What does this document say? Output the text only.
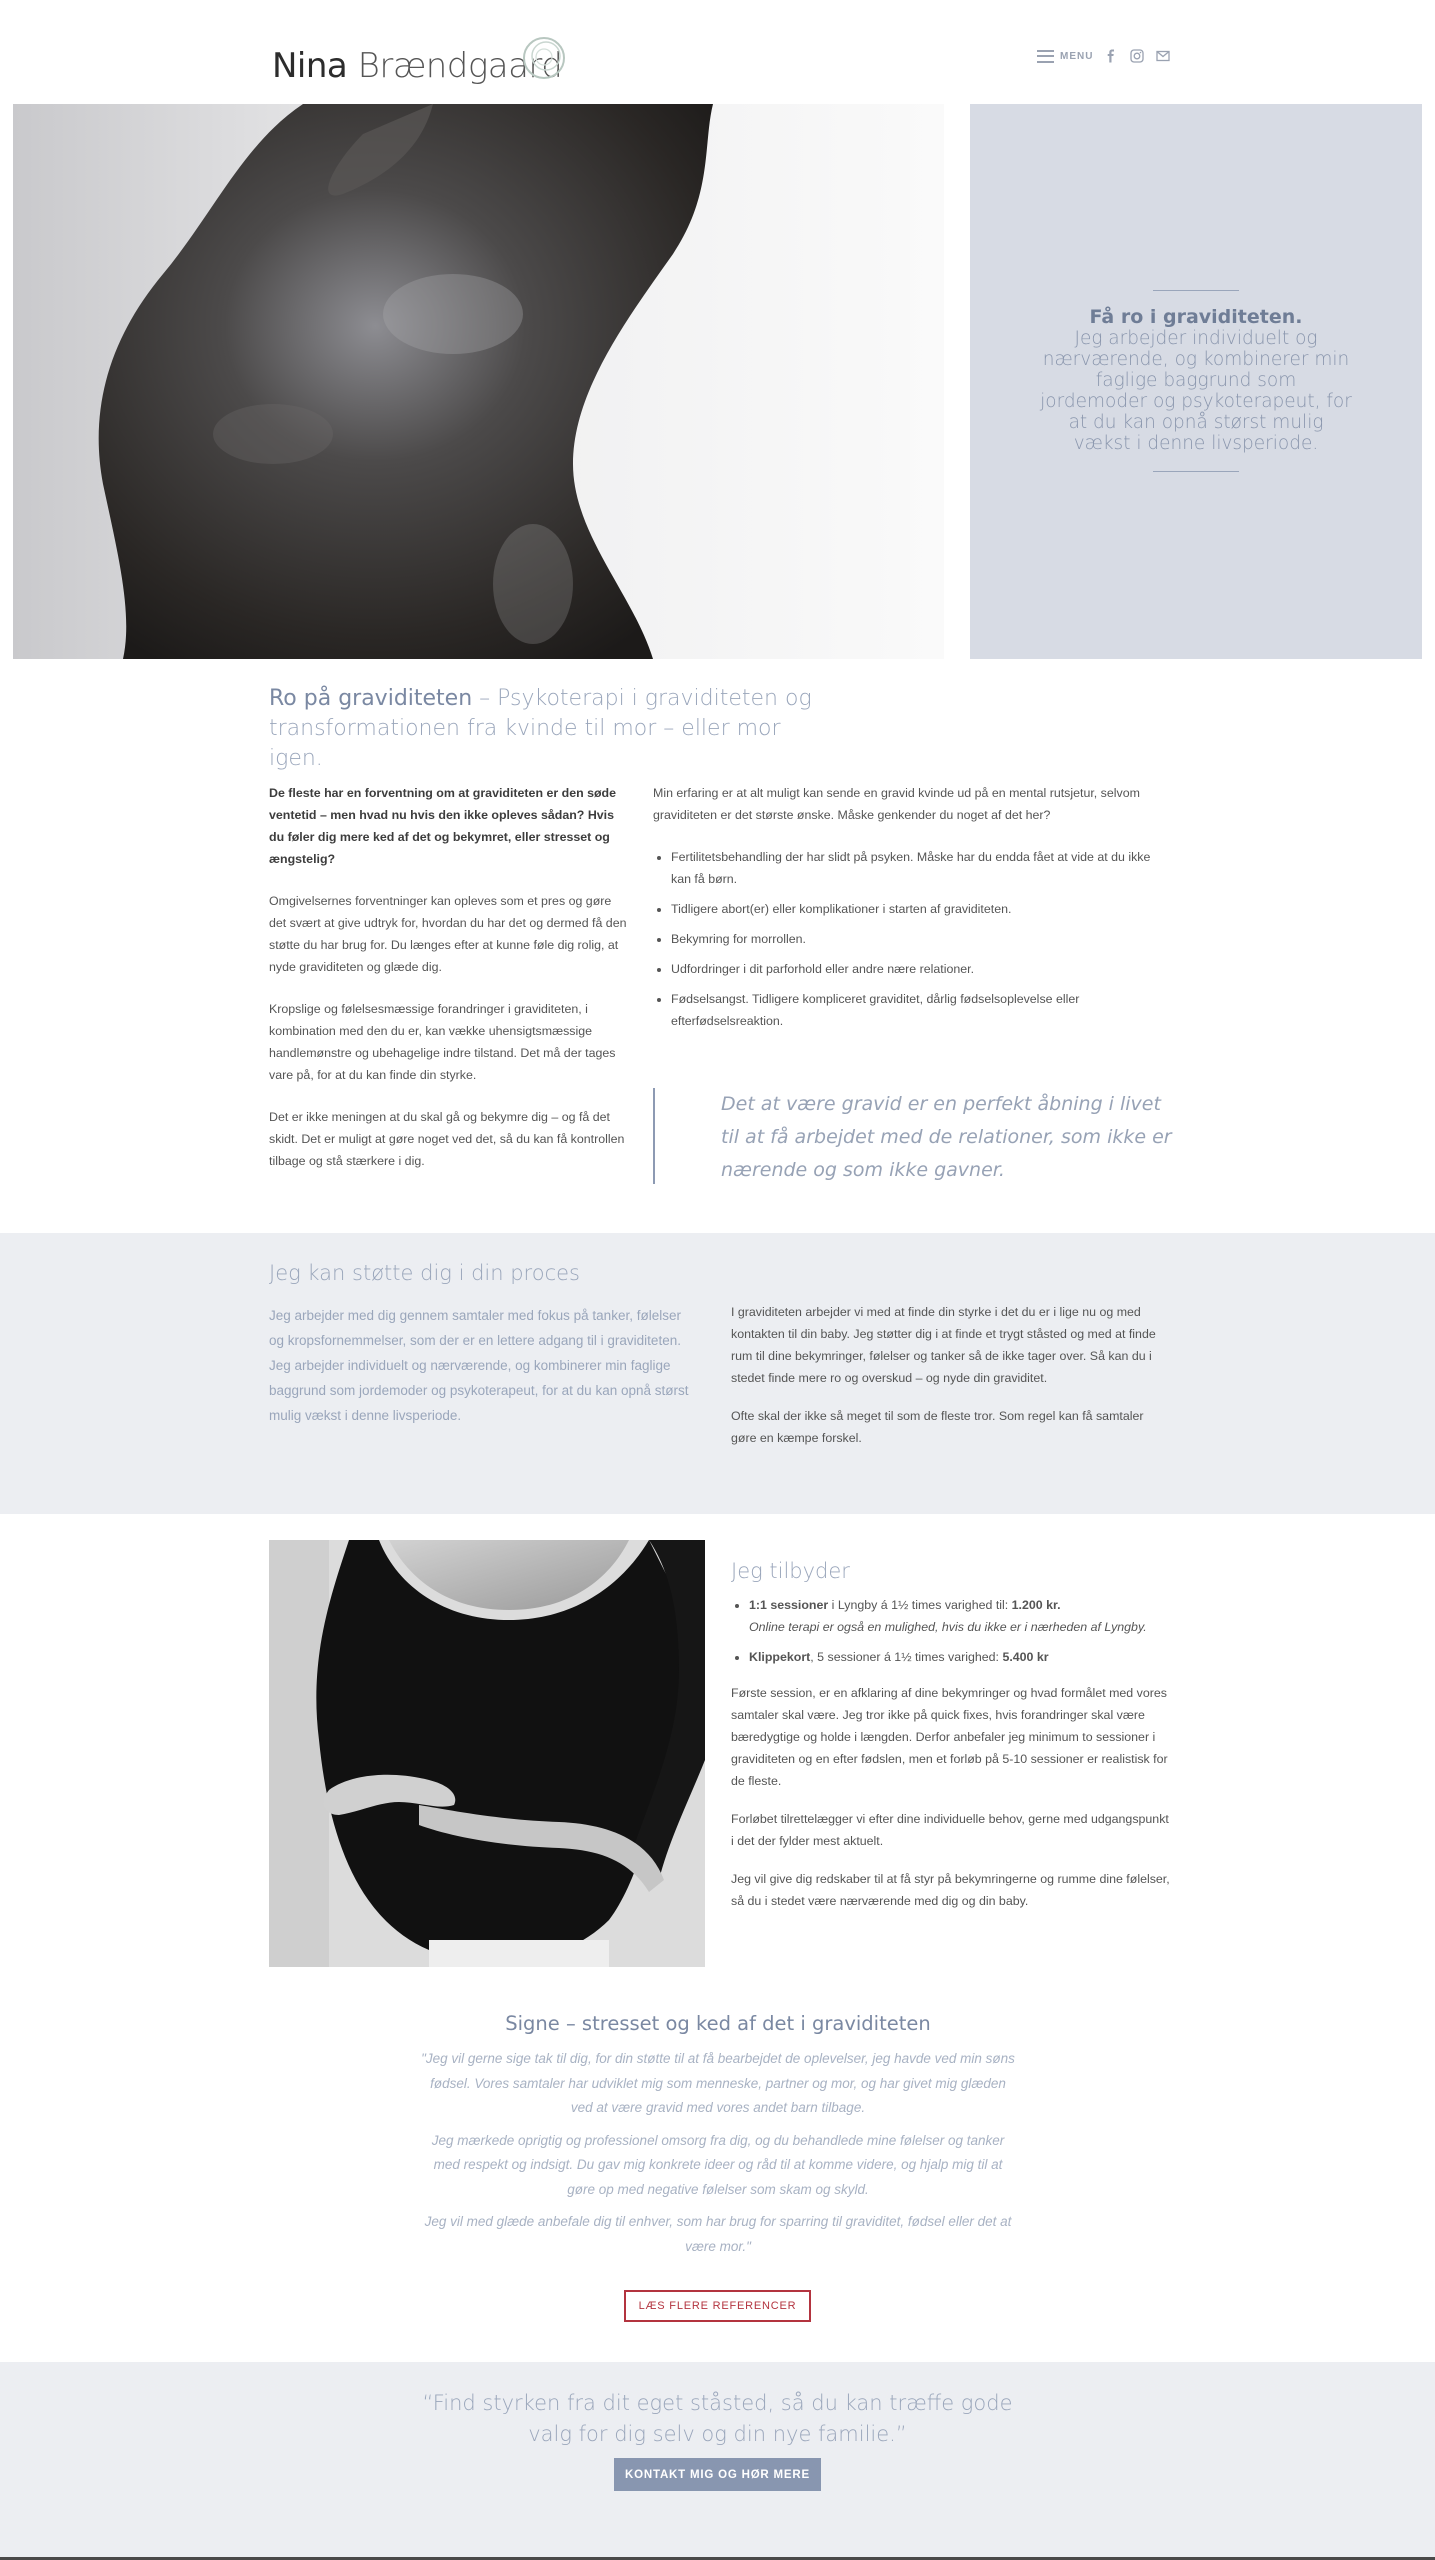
Nina Brændgaard	MENU
Få ro i graviditeten.
Jeg arbejder individuelt og nærværende, og kombinerer min faglige baggrund som jordemoder og psykoterapeut, for at du kan opnå størst mulig vækst i denne livsperiode.
Ro på graviditeten – Psykoterapi i graviditeten og transformationen fra kvinde til mor – eller mor igen.

De fleste har en forventning om at graviditeten er den søde ventetid – men hvad nu hvis den ikke opleves sådan? Hvis du føler dig mere ked af det og bekymret, eller stresset og ængstelig?

Omgivelsernes forventninger kan opleves som et pres og gøre det svært at give udtryk for, hvordan du har det og dermed få den støtte du har brug for. Du længes efter at kunne føle dig rolig, at nyde graviditeten og glæde dig.

Kropslige og følelsesmæssige forandringer i graviditeten, i kombination med den du er, kan vække uhensigtsmæssige handlemønstre og ubehagelige indre tilstand. Det må der tages vare på, for at du kan finde din styrke.

Det er ikke meningen at du skal gå og bekymre dig – og få det skidt. Det er muligt at gøre noget ved det, så du kan få kontrollen tilbage og stå stærkere i dig.

Min erfaring er at alt muligt kan sende en gravid kvinde ud på en mental rutsjetur, selvom graviditeten er det største ønske. Måske genkender du noget af det her?

• Fertilitetsbehandling der har slidt på psyken. Måske har du endda fået at vide at du ikke kan få børn.
• Tidligere abort(er) eller komplikationer i starten af graviditeten.
• Bekymring for morrollen.
• Udfordringer i dit parforhold eller andre nære relationer.
• Fødselsangst. Tidligere kompliceret graviditet, dårlig fødselsoplevelse eller efterfødselsreaktion.

Det at være gravid er en perfekt åbning i livet til at få arbejdet med de relationer, som ikke er nærende og som ikke gavner.

Jeg kan støtte dig i din proces
Jeg arbejder med dig gennem samtaler med fokus på tanker, følelser og kropsfornemmelser, som der er en lettere adgang til i graviditeten. Jeg arbejder individuelt og nærværende, og kombinerer min faglige baggrund som jordemoder og psykoterapeut, for at du kan opnå størst mulig vækst i denne livsperiode.

I graviditeten arbejder vi med at finde din styrke i det du er i lige nu og med kontakten til din baby. Jeg støtter dig i at finde et trygt ståsted og med at finde rum til dine bekymringer, følelser og tanker så de ikke tager over. Så kan du i stedet finde mere ro og overskud – og nyde din graviditet.

Ofte skal der ikke så meget til som de fleste tror. Som regel kan få samtaler gøre en kæmpe forskel.

Jeg tilbyder
• 1:1 sessioner i Lyngby á 1½ times varighed til: 1.200 kr.
Online terapi er også en mulighed, hvis du ikke er i nærheden af Lyngby.
• Klippekort, 5 sessioner á 1½ times varighed: 5.400 kr

Første session, er en afklaring af dine bekymringer og hvad formålet med vores samtaler skal være. Jeg tror ikke på quick fixes, hvis forandringer skal være bæredygtige og holde i længden. Derfor anbefaler jeg minimum to sessioner i graviditeten og en efter fødslen, men et forløb på 5-10 sessioner er realistisk for de fleste.

Forløbet tilrettelægger vi efter dine individuelle behov, gerne med udgangspunkt i det der fylder mest aktuelt.

Jeg vil give dig redskaber til at få styr på bekymringerne og rumme dine følelser, så du i stedet være nærværende med dig og din baby.

Signe – stresset og ked af det i graviditeten

"Jeg vil gerne sige tak til dig, for din støtte til at få bearbejdet de oplevelser, jeg havde ved min søns fødsel. Vores samtaler har udviklet mig som menneske, partner og mor, og har givet mig glæden ved at være gravid med vores andet barn tilbage.

Jeg mærkede oprigtig og professionel omsorg fra dig, og du behandlede mine følelser og tanker med respekt og indsigt. Du gav mig konkrete ideer og råd til at komme videre, og hjalp mig til at gøre op med negative følelser som skam og skyld.

Jeg vil med glæde anbefale dig til enhver, som har brug for sparring til graviditet, fødsel eller det at være mor."

LÆS FLERE REFERENCER
“Find styrken fra dit eget ståsted, så du kan træffe gode valg for dig selv og din nye familie.”
KONTAKT MIG OG HØR MERE
